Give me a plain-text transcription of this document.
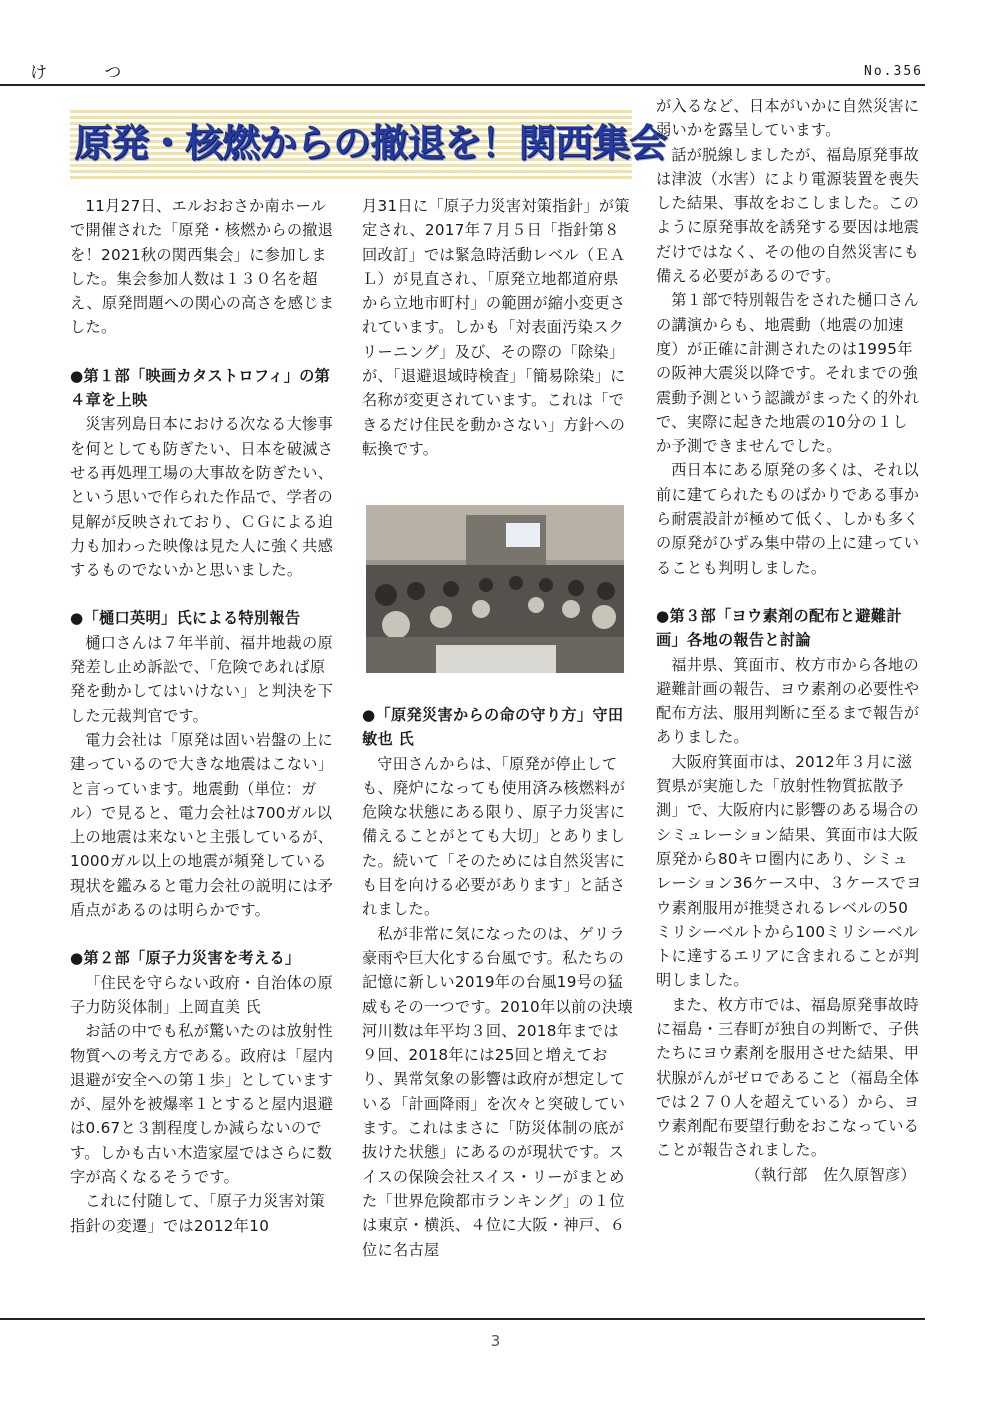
け つ	No.356
原発・核燃からの撤退を！関西集会

11月27日、エルおおさか南ホールで開催された「原発・核燃からの撤退を！2021秋の関西集会」に参加しました。集会参加人数は１３０名を超え、原発問題への関心の高さを感じました。

●第１部「映画カタストロフィ」の第４章を上映

災害列島日本における次なる大惨事を何としても防ぎたい、日本を破滅させる再処理工場の大事故を防ぎたい、という思いで作られた作品で、学者の見解が反映されており、ＣＧによる迫力も加わった映像は見た人に強く共感するものでないかと思いました。

●「樋口英明」氏による特別報告

樋口さんは７年半前、福井地裁の原発差し止め訴訟で、「危険であれば原発を動かしてはいけない」と判決を下した元裁判官です。

電力会社は「原発は固い岩盤の上に建っているので大きな地震はこない」と言っています。地震動（単位：ガル）で見ると、電力会社は700ガル以上の地震は来ないと主張しているが、1000ガル以上の地震が頻発している現状を鑑みると電力会社の説明には矛盾点があるのは明らかです。

●第２部「原子力災害を考える」

「住民を守らない政府・自治体の原子力防災体制」上岡直美 氏

お話の中でも私が驚いたのは放射性物質への考え方である。政府は「屋内退避が安全への第１歩」としていますが、屋外を被爆率１とすると屋内退避は0.67と３割程度しか減らないのです。しかも古い木造家屋ではさらに数字が高くなるそうです。

これに付随して、「原子力災害対策指針の変遷」では2012年10

月31日に「原子力災害対策指針」が策定され、2017年７月５日「指針第８回改訂」では緊急時活動レベル（ＥＡＬ）が見直され、「原発立地都道府県から立地市町村」の範囲が縮小変更されています。しかも「対表面汚染スクリーニング」及び、その際の「除染」が、「退避退域時検査」「簡易除染」に名称が変更されています。これは「できるだけ住民を動かさない」方針への転換です。

●「原発災害からの命の守り方」守田敏也 氏

守田さんからは、「原発が停止しても、廃炉になっても使用済み核燃料が危険な状態にある限り、原子力災害に備えることがとても大切」とありました。続いて「そのためには自然災害にも目を向ける必要があります」と話されました。

私が非常に気になったのは、ゲリラ豪雨や巨大化する台風です。私たちの記憶に新しい2019年の台風19号の猛威もその一つです。2010年以前の決壊河川数は年平均３回、2018年までは９回、2018年には25回と増えており、異常気象の影響は政府が想定している「計画降雨」を次々と突破しています。これはまさに「防災体制の底が抜けた状態」にあるのが現状です。スイスの保険会社スイス・リーがまとめた「世界危険都市ランキング」の１位は東京・横浜、４位に大阪・神戸、６位に名古屋

が入るなど、日本がいかに自然災害に弱いかを露呈しています。

話が脱線しましたが、福島原発事故は津波（水害）により電源装置を喪失した結果、事故をおこしました。このように原発事故を誘発する要因は地震だけではなく、その他の自然災害にも備える必要があるのです。

第１部で特別報告をされた樋口さんの講演からも、地震動（地震の加速度）が正確に計測されたのは1995年の阪神大震災以降です。それまでの強震動予測という認識がまったく的外れで、実際に起きた地震の10分の１しか予測できませんでした。

西日本にある原発の多くは、それ以前に建てられたものばかりである事から耐震設計が極めて低く、しかも多くの原発がひずみ集中帯の上に建っていることも判明しました。

●第３部「ヨウ素剤の配布と避難計画」各地の報告と討論

福井県、箕面市、枚方市から各地の避難計画の報告、ヨウ素剤の必要性や配布方法、服用判断に至るまで報告がありました。

大阪府箕面市は、2012年３月に滋賀県が実施した「放射性物質拡散予測」で、大阪府内に影響のある場合のシミュレーション結果、箕面市は大阪原発から80キロ圏内にあり、シミュレーション36ケース中、３ケースでヨウ素剤服用が推奨されるレベルの50ミリシーベルトから100ミリシーベルトに達するエリアに含まれることが判明しました。

また、枚方市では、福島原発事故時に福島・三春町が独自の判断で、子供たちにヨウ素剤を服用させた結果、甲状腺がんがゼロであること（福島全体では２７０人を超えている）から、ヨウ素剤配布要望行動をおこなっていることが報告されました。

（執行部　佐久原智彦）

3
